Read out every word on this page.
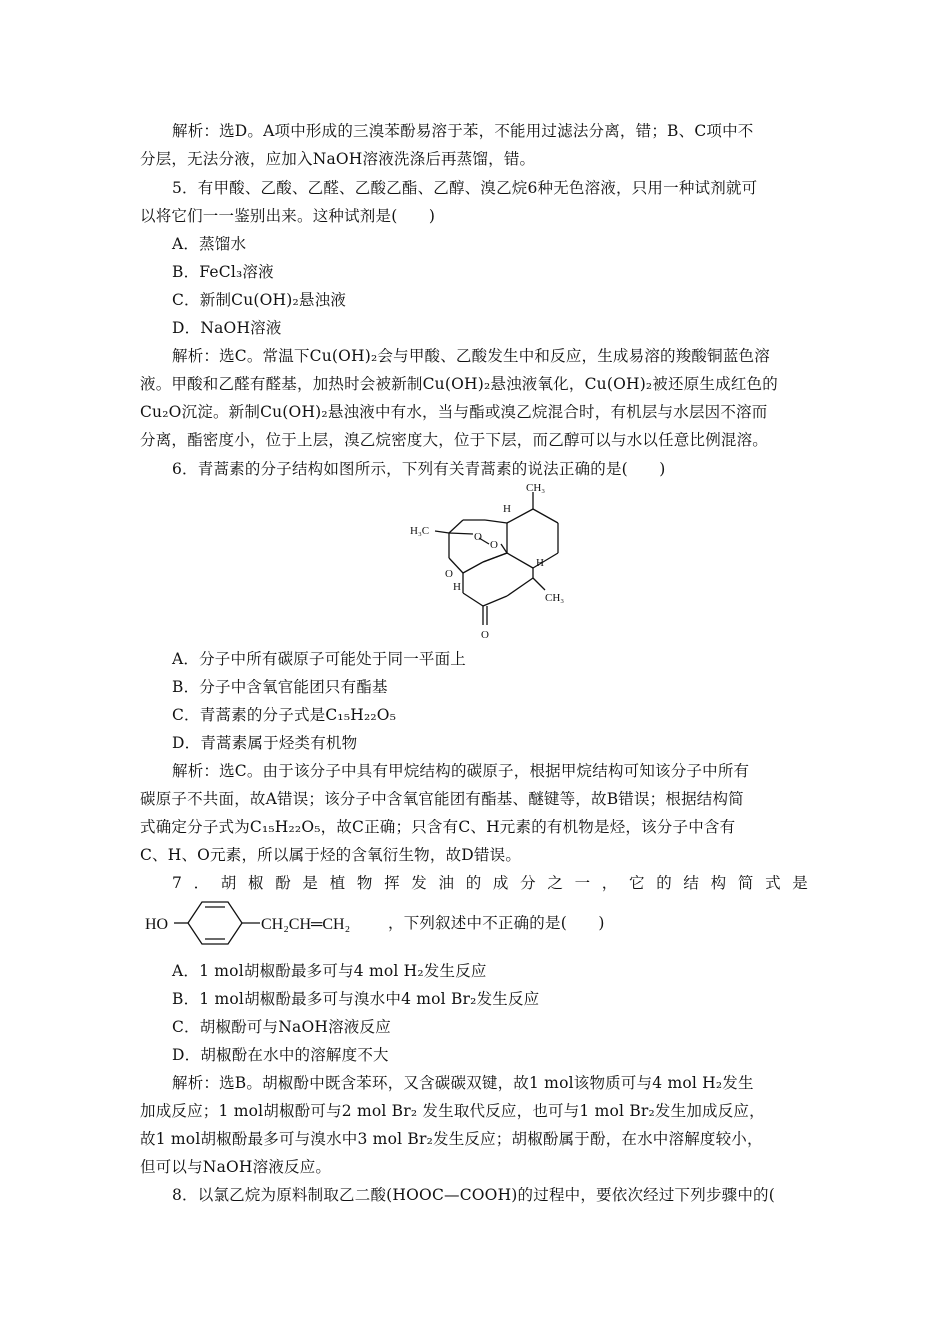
解析：选D。A项中形成的三溴苯酚易溶于苯，不能用过滤法分离，错；B、C项中不
分层，无法分液，应加入NaOH溶液洗涤后再蒸馏，错。
5．有甲酸、乙酸、乙醛、乙酸乙酯、乙醇、溴乙烷6种无色溶液，只用一种试剂就可
以将它们一一鉴别出来。这种试剂是(　　)
A．蒸馏水
B．FeCl₃溶液
C．新制Cu(OH)₂悬浊液
D．NaOH溶液
解析：选C。常温下Cu(OH)₂会与甲酸、乙酸发生中和反应，生成易溶的羧酸铜蓝色溶
液。甲酸和乙醛有醛基，加热时会被新制Cu(OH)₂悬浊液氧化，Cu(OH)₂被还原生成红色的
Cu₂O沉淀。新制Cu(OH)₂悬浊液中有水，当与酯或溴乙烷混合时，有机层与水层因不溶而
分离，酯密度小，位于上层，溴乙烷密度大，位于下层，而乙醇可以与水以任意比例混溶。
6．青蒿素的分子结构如图所示，下列有关青蒿素的说法正确的是(　　)
CH₃
H₃C
H
H
H
CH₃
O
O
O
O
A．分子中所有碳原子可能处于同一平面上
B．分子中含氧官能团只有酯基
C．青蒿素的分子式是C₁₅H₂₂O₅
D．青蒿素属于烃类有机物
解析：选C。由于该分子中具有甲烷结构的碳原子，根据甲烷结构可知该分子中所有
碳原子不共面，故A错误；该分子中含氧官能团有酯基、醚键等，故B错误；根据结构简
式确定分子式为C₁₅H₂₂O₅，故C正确；只含有C、H元素的有机物是烃，该分子中含有
C、H、O元素，所以属于烃的含氧衍生物，故D错误。
7．胡椒酚是植物挥发油的成分之一，它的结构简式是
HO	CH₂CH═CH₂ ，下列叙述中不正确的是(　　)
A．1 mol胡椒酚最多可与4 mol H₂发生反应
B．1 mol胡椒酚最多可与溴水中4 mol Br₂发生反应
C．胡椒酚可与NaOH溶液反应
D．胡椒酚在水中的溶解度不大
解析：选B。胡椒酚中既含苯环，又含碳碳双键，故1 mol该物质可与4 mol H₂发生
加成反应；1 mol胡椒酚可与2 mol Br₂ 发生取代反应，也可与1 mol Br₂发生加成反应，
故1 mol胡椒酚最多可与溴水中3 mol Br₂发生反应；胡椒酚属于酚，在水中溶解度较小，
但可以与NaOH溶液反应。
8．以氯乙烷为原料制取乙二酸(HOOC—COOH)的过程中，要依次经过下列步骤中的(
